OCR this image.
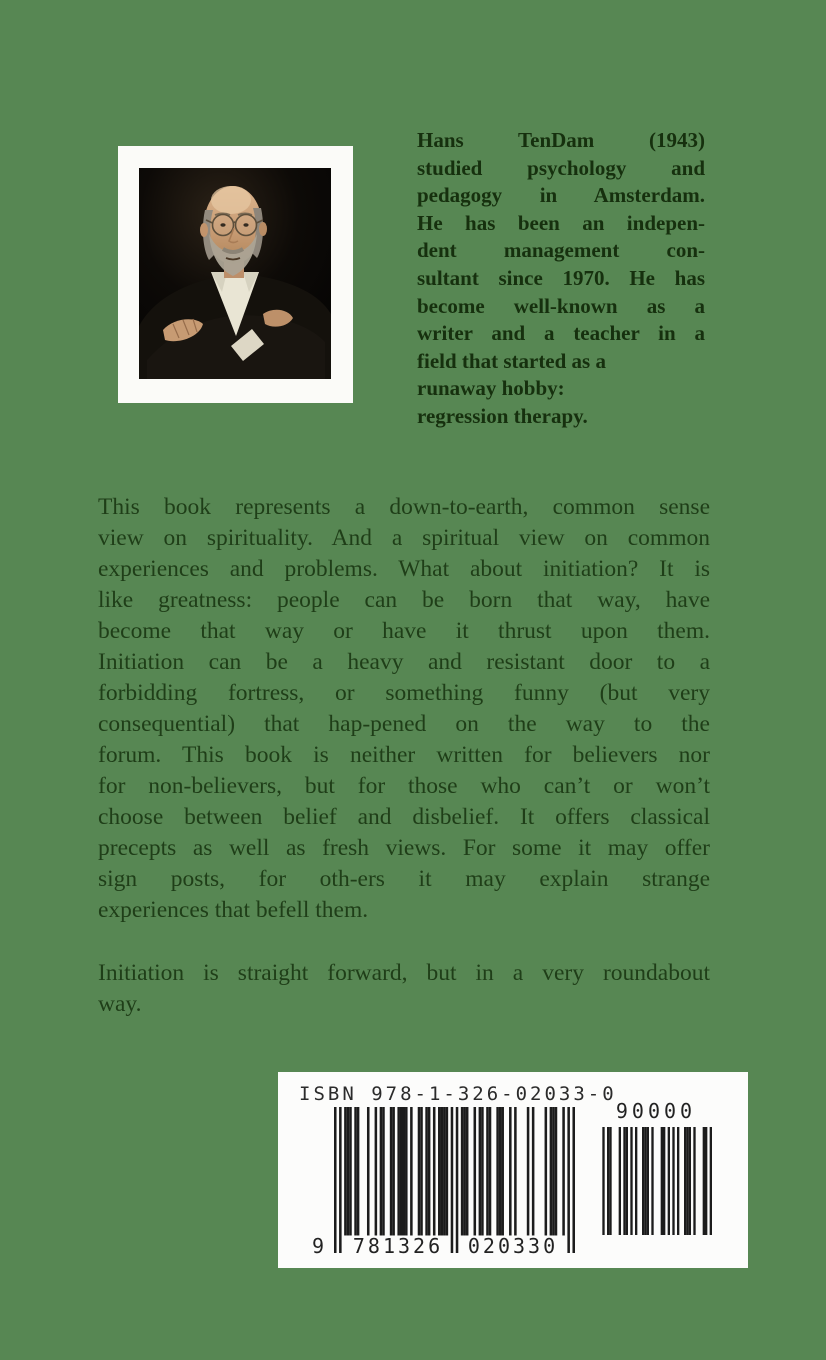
Hans TenDam (1943)
studied psychology and
pedagogy in Amsterdam.
He has been an indepen-
dent management con-
sultant since 1970. He has
become well-known as a
writer and a teacher in a
field that started as a
runaway hobby:
regression therapy.
This book represents a down-to-earth, common sense
view on spirituality. And a spiritual view on common
experiences and problems. What about initiation? It is
like greatness: people can be born that way, have
become that way or have it thrust upon them.
Initiation can be a heavy and resistant door to a
forbidding fortress, or something funny (but very
consequential) that hap-pened on the way to the
forum. This book is neither written for believers nor
for non-believers, but for those who can’t or won’t
choose between belief and disbelief. It offers classical
precepts as well as fresh views. For some it may offer
sign posts, for oth-ers it may explain strange
experiences that befell them.
Initiation is straight forward, but in a very roundabout
way.
ISBN 978-1-326-02033-0
9	781326	020330
90000
